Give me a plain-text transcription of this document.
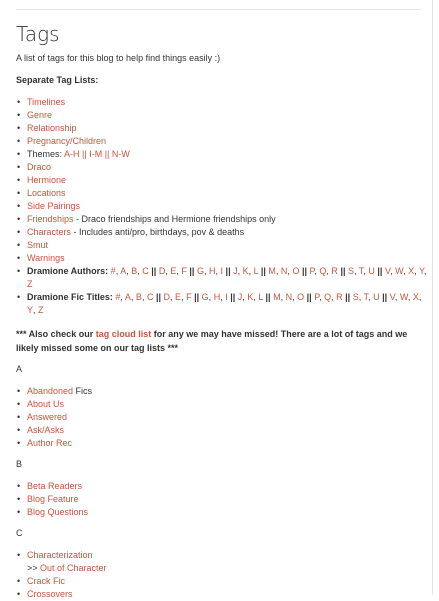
Tags

A list of tags for this blog to help find things easily :)

Separate Tag Lists:

• Timelines
• Genre
• Relationship
• Pregnancy/Children
• Themes: A-H || I-M || N-W
• Draco
• Hermione
• Locations
• Side Pairings
• Friendships - Draco friendships and Hermione friendships only
• Characters - Includes anti/pro, birthdays, pov & deaths
• Smut
• Warnings
• Dramione Authors: #, A, B, C || D, E, F || G, H, I || J, K, L || M, N, O || P, Q, R || S, T, U || V, W, X, Y, Z
• Dramione Fic Titles: #, A, B, C || D, E, F || G, H, I || J, K, L || M, N, O || P, Q, R || S, T, U || V, W, X, Y, Z

*** Also check our tag cloud list for any we may have missed! There are a lot of tags and we likely missed some on our tag lists ***

A

• Abandoned Fics
• About Us
• Answered
• Ask/Asks
• Author Rec

B

• Beta Readers
• Blog Feature
• Blog Questions

C

• Characterization
>> Out of Character
• Crack Fic
• Crossovers
